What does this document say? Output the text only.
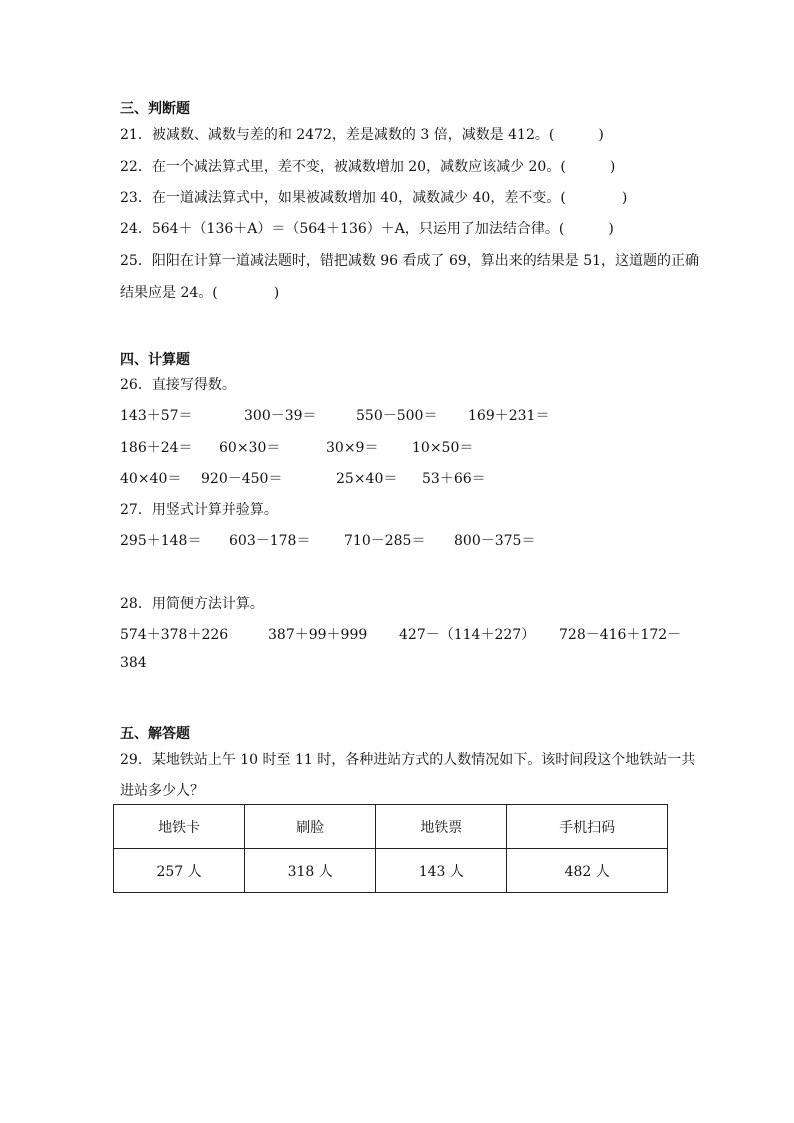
三、判断题
21．被减数、减数与差的和 2472，差是减数的 3 倍，减数是 412。(	)
22．在一个减法算式里，差不变，被减数增加 20，减数应该减少 20。(	)
23．在一道减法算式中，如果被减数增加 40，减数减少 40，差不变。(	)
24．564＋（136＋A）＝（564＋136）＋A，只运用了加法结合律。(	)
25．阳阳在计算一道减法题时，错把减数 96 看成了 69，算出来的结果是 51，这道题的正确
结果应是 24。(	)
四、计算题
26．直接写得数。
143＋57＝	300－39＝	550－500＝ 169＋231＝
186＋24＝ 60×30＝	30×9＝ 10×50＝
40×40＝ 920－450＝	25×40＝ 53＋66＝
27．用竖式计算并验算。
295＋148＝ 603－178＝ 710－285＝ 800－375＝
28．用简便方法计算。
574＋378＋226	387＋99＋999 427－（114＋227） 728－416＋172－
384
五、解答题
29．某地铁站上午 10 时至 11 时，各种进站方式的人数情况如下。该时间段这个地铁站一共
进站多少人？
地铁卡	刷脸	地铁票	手机扫码
257 人	318 人	143 人	482 人
